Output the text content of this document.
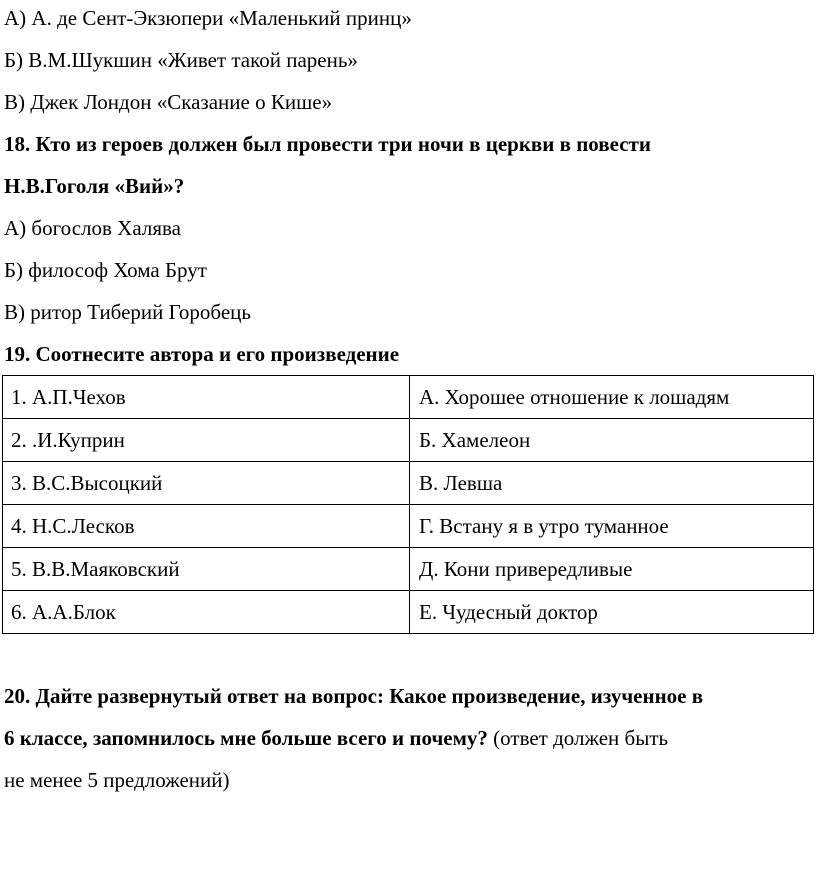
А) А. де Сент-Экзюпери «Маленький принц»
Б) В.М.Шукшин «Живет такой парень»
В) Джек Лондон «Сказание о Кише»
18. Кто из героев должен был провести три ночи в церкви в повести
Н.В.Гоголя «Вий»?
А) богослов Халява
Б) философ Хома Брут
В) ритор Тиберий Горобець
19. Соотнесите автора и его произведение
1. А.П.Чехов	А. Хорошее отношение к лошадям
2. .И.Куприн	Б. Хамелеон
3. В.С.Высоцкий	В. Левша
4. Н.С.Лесков	Г. Встану я в утро туманное
5. В.В.Маяковский	Д. Кони привередливые
6. А.А.Блок	Е. Чудесный доктор
20. Дайте развернутый ответ на вопрос: Какое произведение, изученное в
6 классе, запомнилось мне больше всего и почему? (ответ должен быть
не менее 5 предложений)
